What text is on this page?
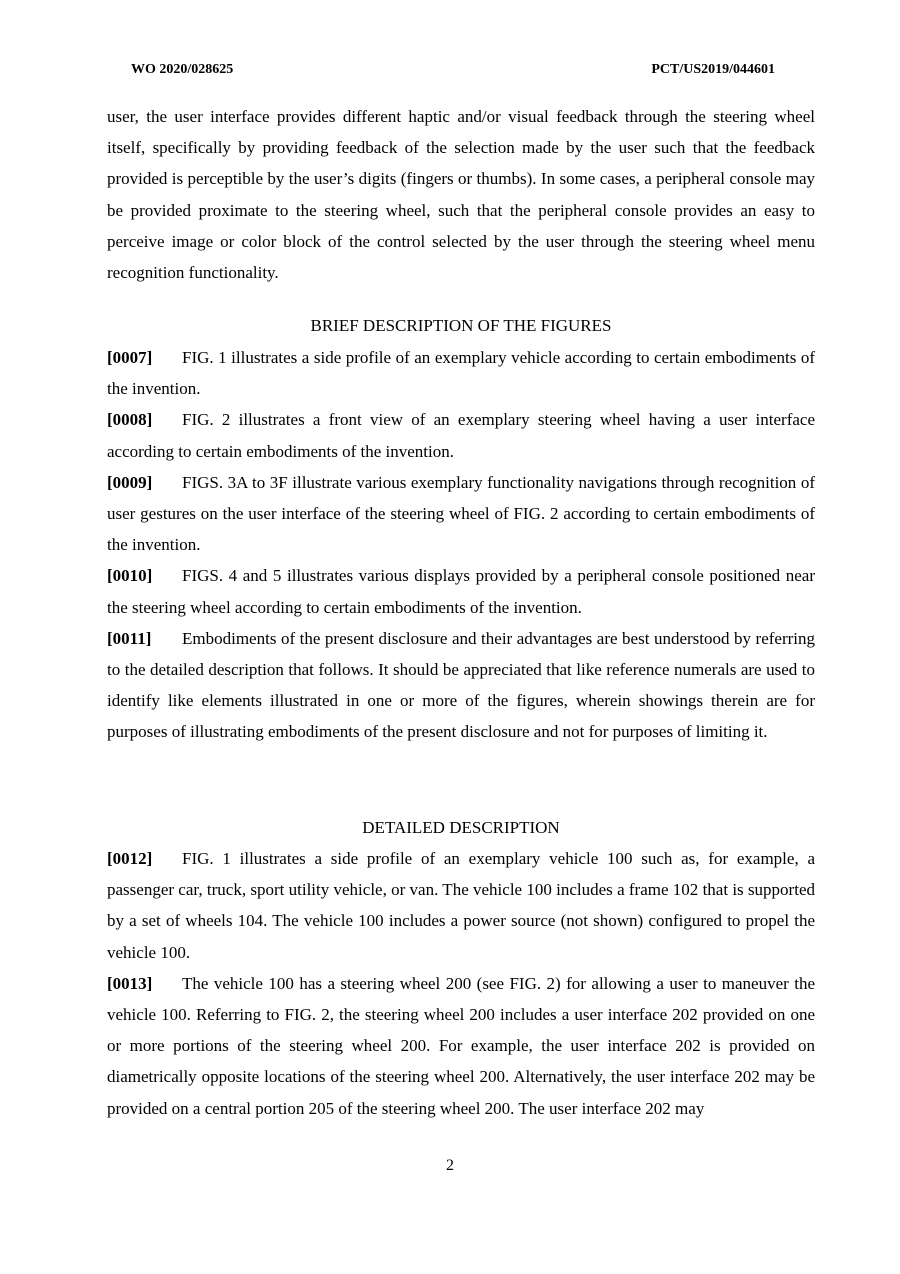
WO 2020/028625	PCT/US2019/044601

user, the user interface provides different haptic and/or visual feedback through the steering wheel itself, specifically by providing feedback of the selection made by the user such that the feedback provided is perceptible by the user’s digits (fingers or thumbs). In some cases, a peripheral console may be provided proximate to the steering wheel, such that the peripheral console provides an easy to perceive image or color block of the control selected by the user through the steering wheel menu recognition functionality.

BRIEF DESCRIPTION OF THE FIGURES

[0007] FIG. 1 illustrates a side profile of an exemplary vehicle according to certain embodiments of the invention.

[0008] FIG. 2 illustrates a front view of an exemplary steering wheel having a user interface according to certain embodiments of the invention.

[0009] FIGS. 3A to 3F illustrate various exemplary functionality navigations through recognition of user gestures on the user interface of the steering wheel of FIG. 2 according to certain embodiments of the invention.

[0010] FIGS. 4 and 5 illustrates various displays provided by a peripheral console positioned near the steering wheel according to certain embodiments of the invention.

[0011] Embodiments of the present disclosure and their advantages are best understood by referring to the detailed description that follows. It should be appreciated that like reference numerals are used to identify like elements illustrated in one or more of the figures, wherein showings therein are for purposes of illustrating embodiments of the present disclosure and not for purposes of limiting it.

DETAILED DESCRIPTION

[0012] FIG. 1 illustrates a side profile of an exemplary vehicle 100 such as, for example, a passenger car, truck, sport utility vehicle, or van. The vehicle 100 includes a frame 102 that is supported by a set of wheels 104. The vehicle 100 includes a power source (not shown) configured to propel the vehicle 100.

[0013] The vehicle 100 has a steering wheel 200 (see FIG. 2) for allowing a user to maneuver the vehicle 100. Referring to FIG. 2, the steering wheel 200 includes a user interface 202 provided on one or more portions of the steering wheel 200. For example, the user interface 202 is provided on diametrically opposite locations of the steering wheel 200. Alternatively, the user interface 202 may be provided on a central portion 205 of the steering wheel 200. The user interface 202 may

2
